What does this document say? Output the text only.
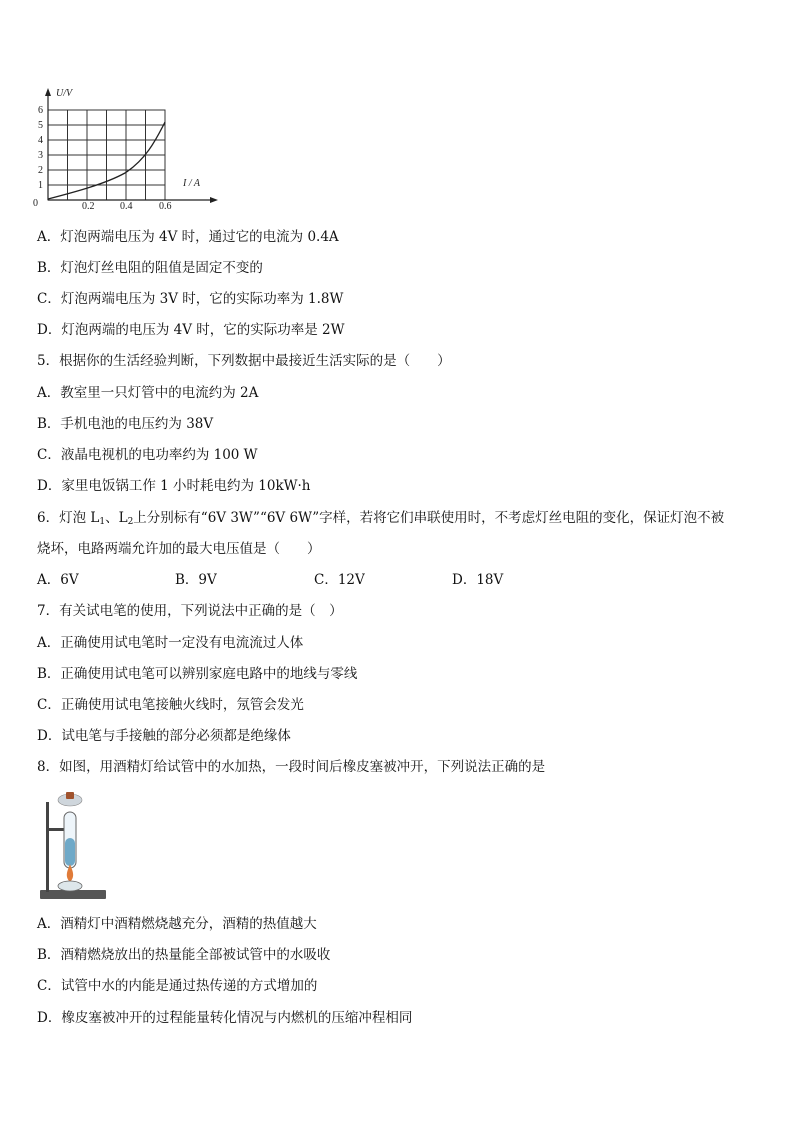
U/V
I / A
0
1
2
3
4
5
6
0.2	0.4	0.6
A．灯泡两端电压为 4V 时，通过它的电流为 0.4A
B．灯泡灯丝电阻的阻值是固定不变的
C．灯泡两端电压为 3V 时，它的实际功率为 1.8W
D．灯泡两端的电压为 4V 时，它的实际功率是 2W
5．根据你的生活经验判断，下列数据中最接近生活实际的是（　　）
A．教室里一只灯管中的电流约为 2A
B．手机电池的电压约为 38V
C．液晶电视机的电功率约为 100 W
D．家里电饭锅工作 1 小时耗电约为 10kW·h
6．灯泡 $L_1$、$L_2$上分别标有“6V 3W”“6V 6W”字样，若将它们串联使用时，不考虑灯丝电阻的变化，保证灯泡不被
烧坏，电路两端允许加的最大电压值是（　　）
A．6V	B．9V	C．12V	D．18V
7．有关试电笔的使用，下列说法中正确的是（　）
A．正确使用试电笔时一定没有电流流过人体
B．正确使用试电笔可以辨别家庭电路中的地线与零线
C．正确使用试电笔接触火线时，氖管会发光
D．试电笔与手接触的部分必须都是绝缘体
8．如图，用酒精灯给试管中的水加热，一段时间后橡皮塞被冲开，下列说法正确的是
A．酒精灯中酒精燃烧越充分，酒精的热值越大
B．酒精燃烧放出的热量能全部被试管中的水吸收
C．试管中水的内能是通过热传递的方式增加的
D．橡皮塞被冲开的过程能量转化情况与内燃机的压缩冲程相同
